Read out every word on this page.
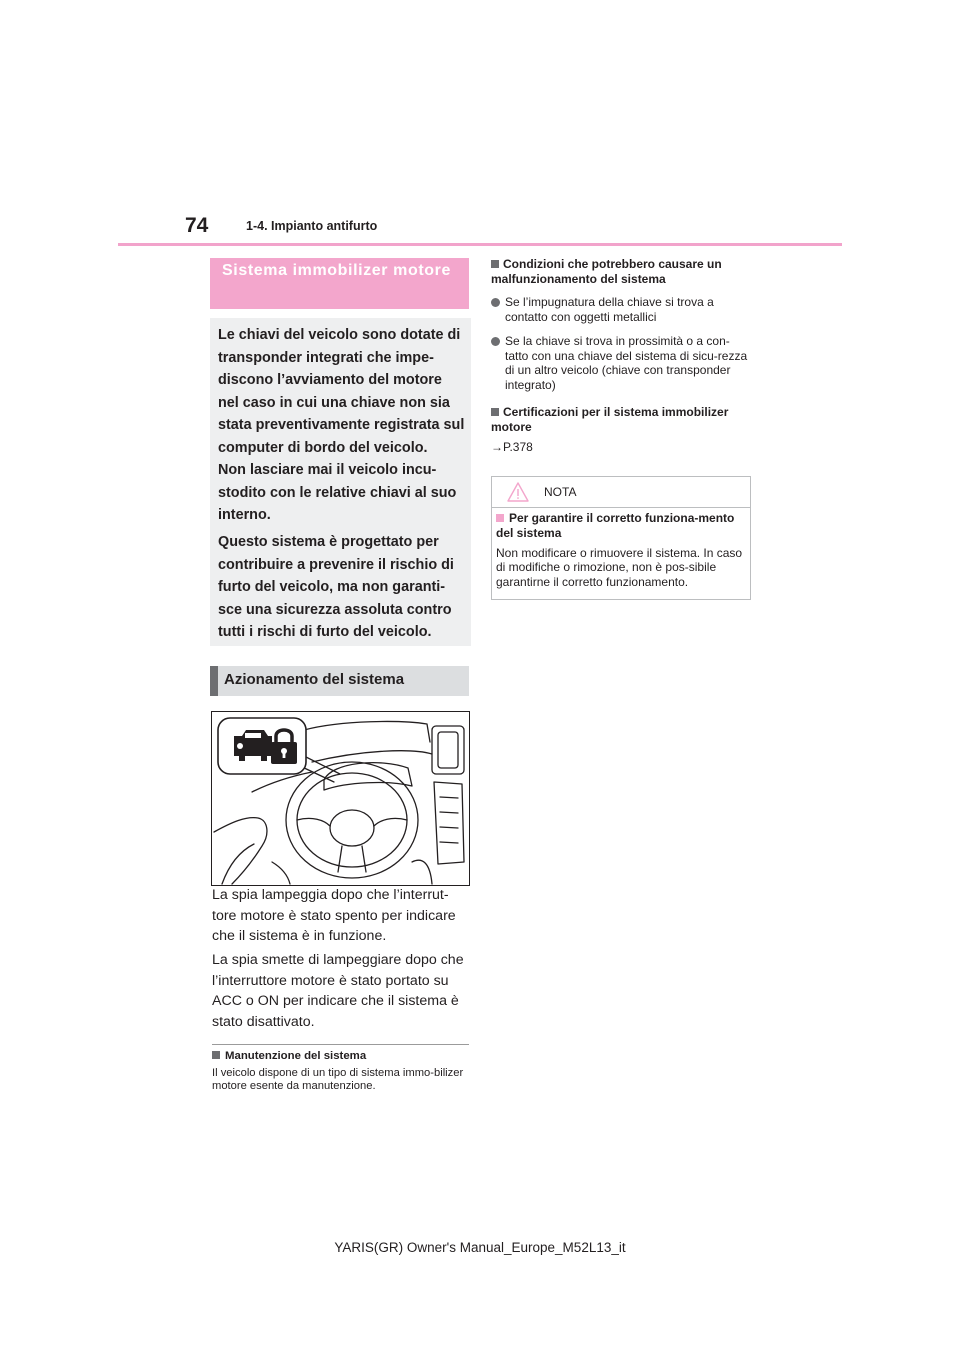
74	1-4. Impianto antifurto
Sistema immobilizer motore
Le chiavi del veicolo sono dotate di transponder integrati che impe-discono l’avviamento del motore nel caso in cui una chiave non sia stata preventivamente registrata sul computer di bordo del veicolo.
Non lasciare mai il veicolo incu-stodito con le relative chiavi al suo interno.
Questo sistema è progettato per contribuire a prevenire il rischio di furto del veicolo, ma non garanti-sce una sicurezza assoluta contro tutti i rischi di furto del veicolo.
Azionamento del sistema
La spia lampeggia dopo che l’interrut-tore motore è stato spento per indicare che il sistema è in funzione.
La spia smette di lampeggiare dopo che l’interruttore motore è stato portato su ACC o ON per indicare che il sistema è stato disattivato.
Manutenzione del sistema
Il veicolo dispone di un tipo di sistema immo-bilizer motore esente da manutenzione.
Condizioni che potrebbero causare un malfunzionamento del sistema
Se l’impugnatura della chiave si trova a contatto con oggetti metallici
Se la chiave si trova in prossimità o a con-tatto con una chiave del sistema di sicu-rezza di un altro veicolo (chiave con transponder integrato)
Certificazioni per il sistema immobilizer motore
→P.378
NOTA
Per garantire il corretto funziona-mento del sistema
Non modificare o rimuovere il sistema. In caso di modifiche o rimozione, non è pos-sibile garantirne il corretto funzionamento.
YARIS(GR) Owner's Manual_Europe_M52L13_it
